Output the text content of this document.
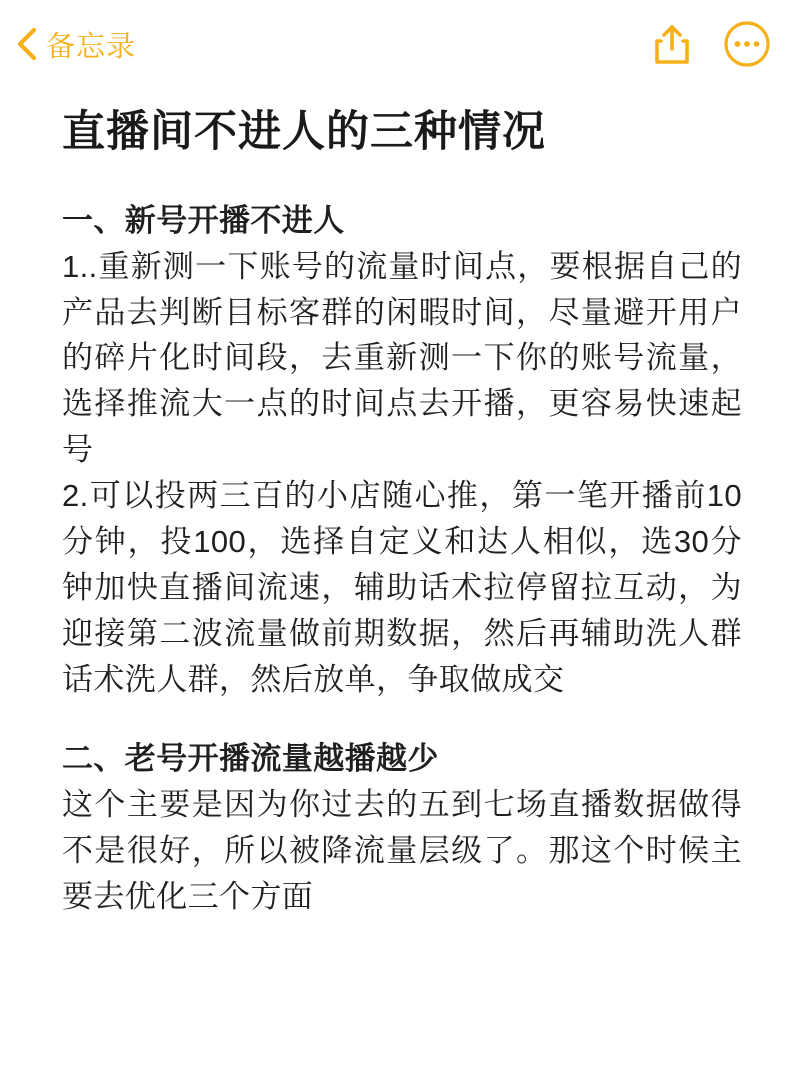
备忘录
直播间不进人的三种情况

一、新号开播不进人

1..重新测一下账号的流量时间点，要根据自己的产品去判断目标客群的闲暇时间，尽量避开用户的碎片化时间段，去重新测一下你的账号流量，选择推流大一点的时间点去开播，更容易快速起号

2.可以投两三百的小店随心推，第一笔开播前10分钟，投100，选择自定义和达人相似，选30分钟加快直播间流速，辅助话术拉停留拉互动，为迎接第二波流量做前期数据，然后再辅助洗人群话术洗人群，然后放单，争取做成交

二、老号开播流量越播越少

这个主要是因为你过去的五到七场直播数据做得不是很好，所以被降流量层级了。那这个时候主要去优化三个方面
